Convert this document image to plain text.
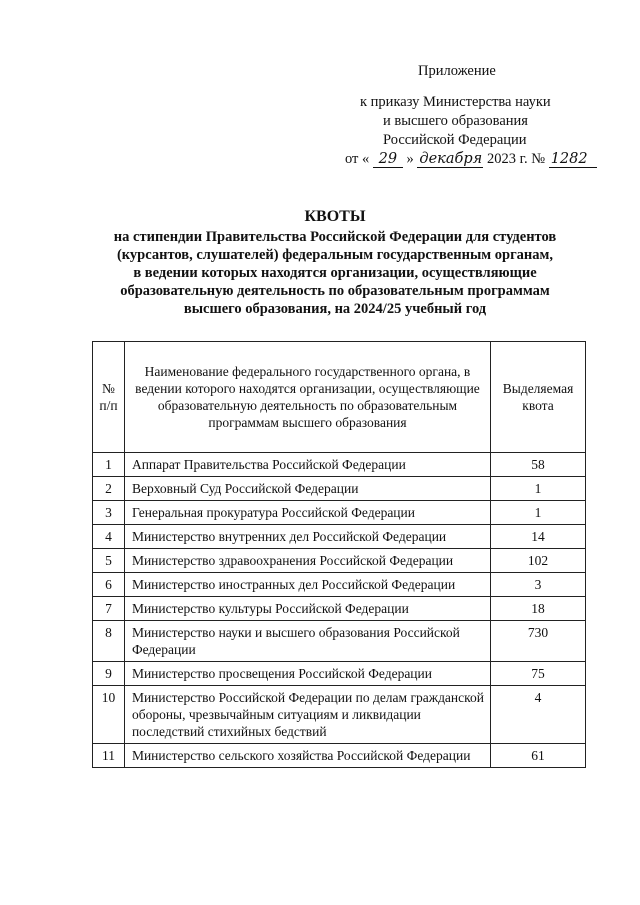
Приложение
к приказу Министерства науки
и высшего образования
Российской Федерации
от « 29 » декабря 2023 г. № 1282
КВОТЫ
на стипендии Правительства Российской Федерации для студентов
(курсантов, слушателей) федеральным государственным органам,
в ведении которых находятся организации, осуществляющие
образовательную деятельность по образовательным программам
высшего образования, на 2024/25 учебный год
№ п/п	Наименование федерального государственного органа, в ведении которого находятся организации, осуществляющие образовательную деятельность по образовательным программам высшего образования	Выделяемая квота
1	Аппарат Правительства Российской Федерации	58
2	Верховный Суд Российской Федерации	1
3	Генеральная прокуратура Российской Федерации	1
4	Министерство внутренних дел Российской Федерации	14
5	Министерство здравоохранения Российской Федерации	102
6	Министерство иностранных дел Российской Федерации	3
7	Министерство культуры Российской Федерации	18
8	Министерство науки и высшего образования Российской Федерации	730
9	Министерство просвещения Российской Федерации	75
10	Министерство Российской Федерации по делам гражданской обороны, чрезвычайным ситуациям и ликвидации последствий стихийных бедствий	4
11	Министерство сельского хозяйства Российской Федерации	61
